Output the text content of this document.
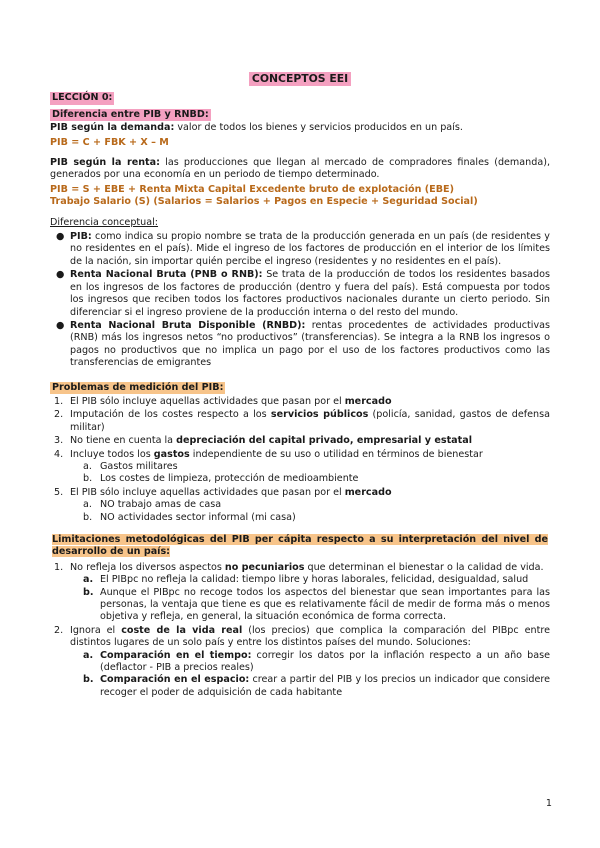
CONCEPTOS EEI
LECCIÓN 0:
Diferencia entre PIB y RNBD:

PIB según la demanda: valor de todos los bienes y servicios producidos en un país.

PIB = C + FBK + X – M

PIB según la renta: las producciones que llegan al mercado de compradores finales (demanda), generados por una economía en un periodo de tiempo determinado.

PIB = S + EBE + Renta Mixta Capital Excedente bruto de explotación (EBE)
Trabajo Salario (S) (Salarios = Salarios + Pagos en Especie + Seguridad Social)

Diferencia conceptual:

● PIB: como indica su propio nombre se trata de la producción generada en un país (de residentes y no residentes en el país). Mide el ingreso de los factores de producción en el interior de los límites de la nación, sin importar quién percibe el ingreso (residentes y no residentes en el país).
● Renta Nacional Bruta (PNB o RNB): Se trata de la producción de todos los residentes basados en los ingresos de los factores de producción (dentro y fuera del país). Está compuesta por todos los ingresos que reciben todos los factores productivos nacionales durante un cierto periodo. Sin diferenciar si el ingreso proviene de la producción interna o del resto del mundo.
● Renta Nacional Bruta Disponible (RNBD): rentas procedentes de actividades productivas (RNB) más los ingresos netos “no productivos” (transferencias). Se integra a la RNB los ingresos o pagos no productivos que no implica un pago por el uso de los factores productivos como las transferencias de emigrantes
Problemas de medición del PIB:
1. El PIB sólo incluye aquellas actividades que pasan por el mercado
2. Imputación de los costes respecto a los servicios públicos (policía, sanidad, gastos de defensa militar)
3. No tiene en cuenta la depreciación del capital privado, empresarial y estatal
4. Incluye todos los gastos independiente de su uso o utilidad en términos de bienestar
a. Gastos militares
b. Los costes de limpieza, protección de medioambiente
5. El PIB sólo incluye aquellas actividades que pasan por el mercado
a. NO trabajo amas de casa
b. NO actividades sector informal (mi casa)
Limitaciones metodológicas del PIB per cápita respecto a su interpretación del nivel de desarrollo de un país:
1. No refleja los diversos aspectos no pecuniarios que determinan el bienestar o la calidad de vida.
a. El PIBpc no refleja la calidad: tiempo libre y horas laborales, felicidad, desigualdad, salud
b. Aunque el PIBpc no recoge todos los aspectos del bienestar que sean importantes para las personas, la ventaja que tiene es que es relativamente fácil de medir de forma más o menos objetiva y refleja, en general, la situación económica de forma correcta.
2. Ignora el coste de la vida real (los precios) que complica la comparación del PIBpc entre distintos lugares de un solo país y entre los distintos países del mundo. Soluciones:
a. Comparación en el tiempo: corregir los datos por la inflación respecto a un año base (deflactor - PIB a precios reales)
b. Comparación en el espacio: crear a partir del PIB y los precios un indicador que considere recoger el poder de adquisición de cada habitante
1
